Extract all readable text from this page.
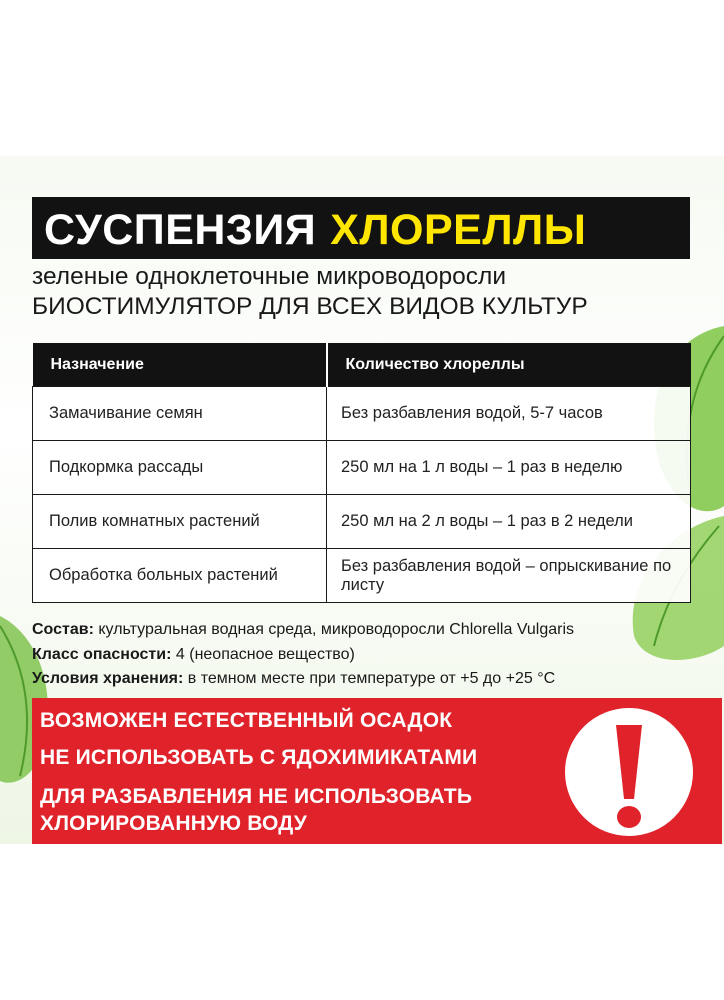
СУСПЕНЗИЯ ХЛОРЕЛЛЫ
зеленые одноклеточные микроводоросли
БИОСТИМУЛЯТОР ДЛЯ ВСЕХ ВИДОВ КУЛЬТУР
Назначение	Количество хлореллы
Замачивание семян	Без разбавления водой, 5-7 часов
Подкормка рассады	250 мл на 1 л воды – 1 раз в неделю
Полив комнатных растений	250 мл на 2 л воды – 1 раз в 2 недели
Обработка больных растений	Без разбавления водой – опрыскивание по листу
Состав: культуральная водная среда, микроводоросли Chlorella Vulgaris
Класс опасности: 4 (неопасное вещество)
Условия хранения: в темном месте при температуре от +5 до +25 °C
ВОЗМОЖЕН ЕСТЕСТВЕННЫЙ ОСАДОК
НЕ ИСПОЛЬЗОВАТЬ С ЯДОХИМИКАТАМИ
ДЛЯ РАЗБАВЛЕНИЯ НЕ ИСПОЛЬЗОВАТЬ
ХЛОРИРОВАННУЮ ВОДУ
